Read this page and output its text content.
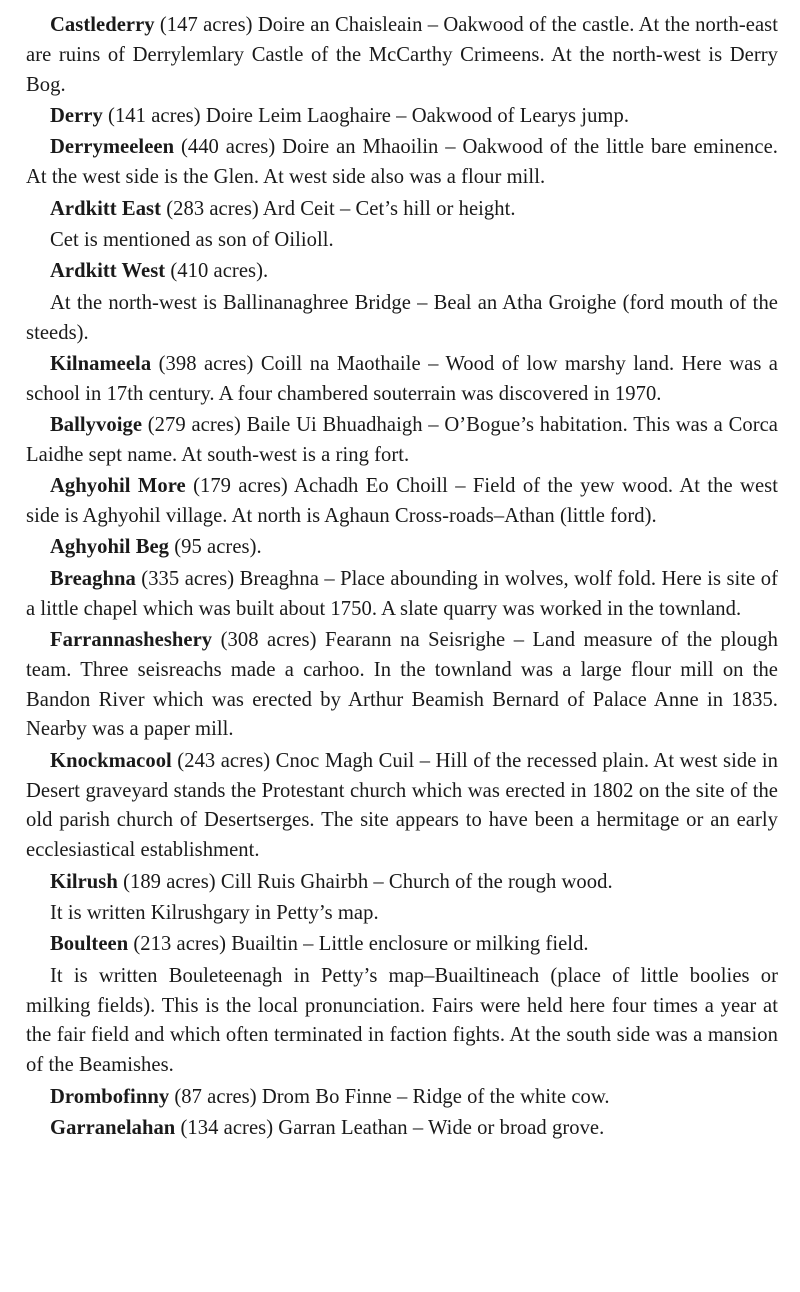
Castlederry (147 acres) Doire an Chaisleain – Oakwood of the castle. At the north-east are ruins of Derrylemlary Castle of the McCarthy Crimeens. At the north-west is Derry Bog.

Derry (141 acres) Doire Leim Laoghaire – Oakwood of Learys jump.

Derrymeeleen (440 acres) Doire an Mhaoilin – Oakwood of the little bare eminence. At the west side is the Glen. At west side also was a flour mill.

Ardkitt East (283 acres) Ard Ceit – Cet’s hill or height.

Cet is mentioned as son of Oilioll.

Ardkitt West (410 acres).

At the north-west is Ballinanaghree Bridge – Beal an Atha Groighe (ford mouth of the steeds).

Kilnameela (398 acres) Coill na Maothaile – Wood of low marshy land. Here was a school in 17th century. A four chambered souterrain was discovered in 1970.

Ballyvoige (279 acres) Baile Ui Bhuadhaigh – O’Bogue’s habitation. This was a Corca Laidhe sept name. At south-west is a ring fort.

Aghyohil More (179 acres) Achadh Eo Choill – Field of the yew wood. At the west side is Aghyohil village. At north is Aghaun Cross-roads–Athan (little ford).

Aghyohil Beg (95 acres).

Breaghna (335 acres) Breaghna – Place abounding in wolves, wolf fold. Here is site of a little chapel which was built about 1750. A slate quarry was worked in the townland.

Farrannasheshery (308 acres) Fearann na Seisrighe – Land measure of the plough team. Three seisreachs made a carhoo. In the townland was a large flour mill on the Bandon River which was erected by Arthur Beamish Bernard of Palace Anne in 1835. Nearby was a paper mill.

Knockmacool (243 acres) Cnoc Magh Cuil – Hill of the recessed plain. At west side in Desert graveyard stands the Protestant church which was erected in 1802 on the site of the old parish church of Desertserges. The site appears to have been a hermitage or an early ecclesiastical establishment.

Kilrush (189 acres) Cill Ruis Ghairbh – Church of the rough wood.

It is written Kilrushgary in Petty’s map.

Boulteen (213 acres) Buailtin – Little enclosure or milking field.

It is written Bouleteenagh in Petty’s map–Buailtineach (place of little boolies or milking fields). This is the local pronunciation. Fairs were held here four times a year at the fair field and which often terminated in faction fights. At the south side was a mansion of the Beamishes.

Drombofinny (87 acres) Drom Bo Finne – Ridge of the white cow.

Garranelahan (134 acres) Garran Leathan – Wide or broad grove.
